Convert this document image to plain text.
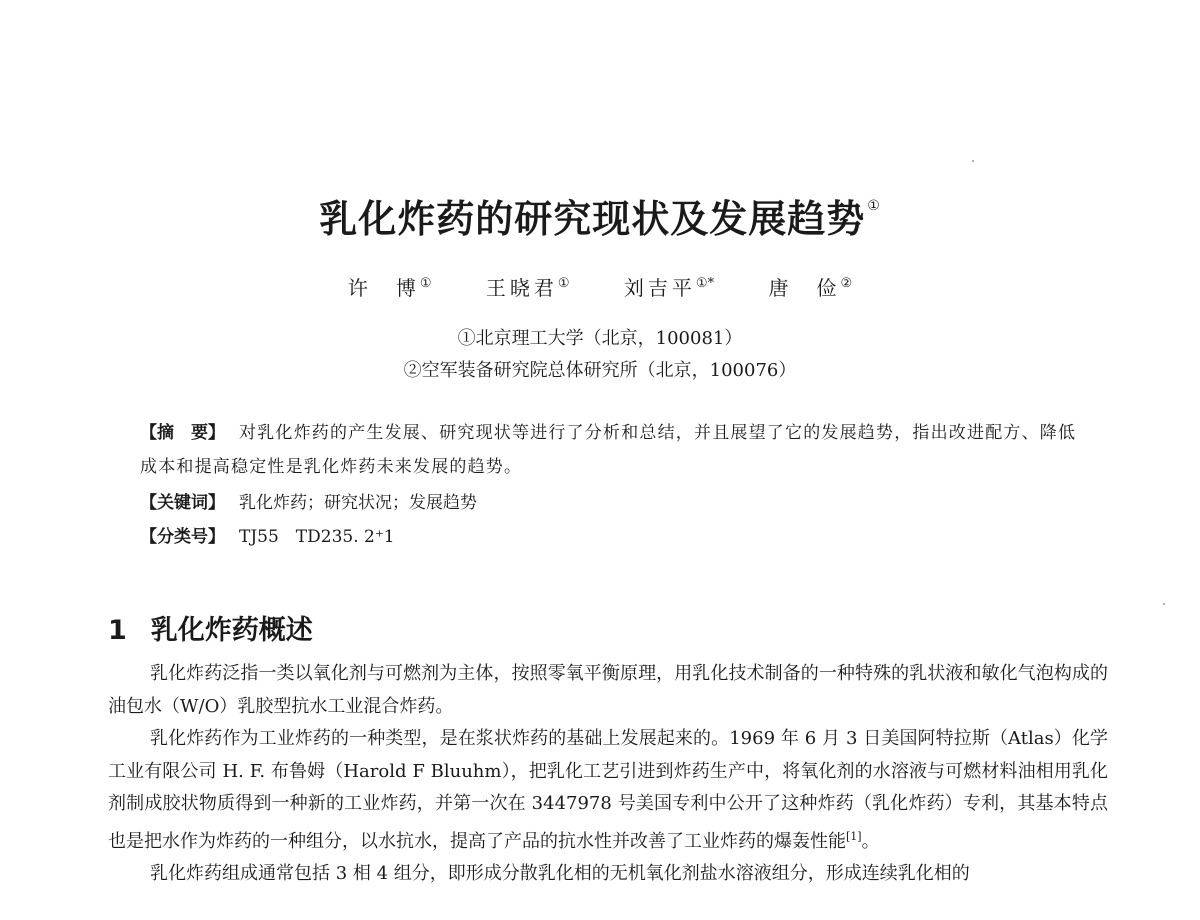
乳化炸药的研究现状及发展趋势 ①
许　博①	王晓君①	刘吉平①*	唐　俭②
①北京理工大学（北京，100081）
②空军装备研究院总体研究所（北京，100076）
【摘　要】 对乳化炸药的产生发展、研究现状等进行了分析和总结，并且展望了它的发展趋势，指出改进配方、降低成本和提高稳定性是乳化炸药未来发展的趋势。
【关键词】 乳化炸药；研究状况；发展趋势
【分类号】 TJ55　TD235. 2⁺1
1 乳化炸药概述

乳化炸药泛指一类以氧化剂与可燃剂为主体，按照零氧平衡原理，用乳化技术制备的一种特殊的乳状液和敏化气泡构成的油包水（W/O）乳胶型抗水工业混合炸药。

乳化炸药作为工业炸药的一种类型，是在浆状炸药的基础上发展起来的。1969 年 6 月 3 日美国阿特拉斯（Atlas）化学工业有限公司 H. F. 布鲁姆（Harold F Bluuhm），把乳化工艺引进到炸药生产中，将氧化剂的水溶液与可燃材料油相用乳化剂制成胶状物质得到一种新的工业炸药，并第一次在 3447978 号美国专利中公开了这种炸药（乳化炸药）专利，其基本特点也是把水作为炸药的一种组分，以水抗水，提高了产品的抗水性并改善了工业炸药的爆轰性能[1]。

乳化炸药组成通常包括 3 相 4 组分，即形成分散乳化相的无机氧化剂盐水溶液组分，形成连续乳化相的
